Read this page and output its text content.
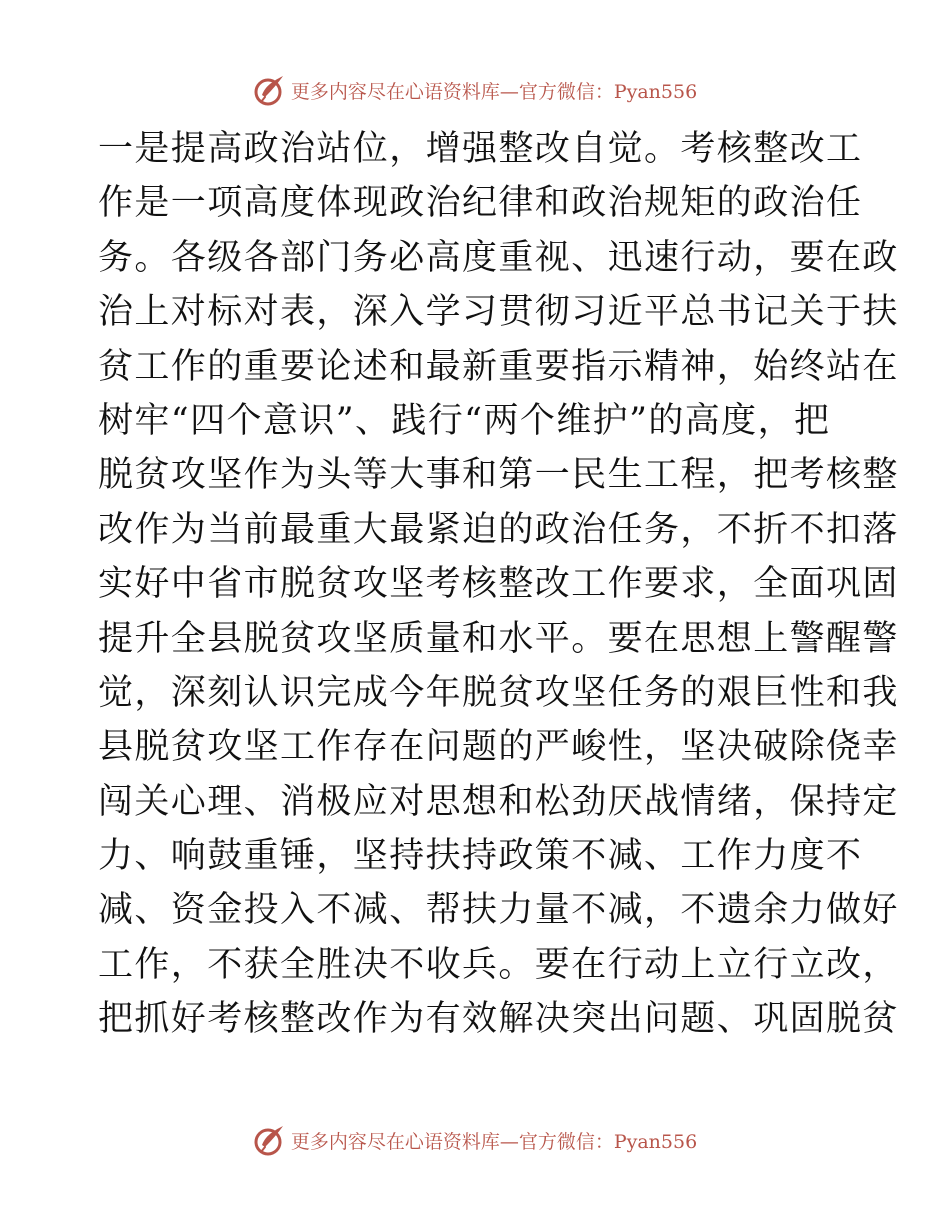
更多内容尽在心语资料库—官方微信：Pyan556
一是提高政治站位，增强整改自觉。考核整改工
作是一项高度体现政治纪律和政治规矩的政治任
务。各级各部门务必高度重视、迅速行动，要在政
治上对标对表，深入学习贯彻习近平总书记关于扶
贫工作的重要论述和最新重要指示精神，始终站在
树牢“四个意识”、践行“两个维护”的高度，把
脱贫攻坚作为头等大事和第一民生工程，把考核整
改作为当前最重大最紧迫的政治任务，不折不扣落
实好中省市脱贫攻坚考核整改工作要求，全面巩固
提升全县脱贫攻坚质量和水平。要在思想上警醒警
觉，深刻认识完成今年脱贫攻坚任务的艰巨性和我
县脱贫攻坚工作存在问题的严峻性，坚决破除侥幸
闯关心理、消极应对思想和松劲厌战情绪，保持定
力、响鼓重锤，坚持扶持政策不减、工作力度不
减、资金投入不减、帮扶力量不减，不遗余力做好
工作，不获全胜决不收兵。要在行动上立行立改，
把抓好考核整改作为有效解决突出问题、巩固脱贫
更多内容尽在心语资料库—官方微信：Pyan556
